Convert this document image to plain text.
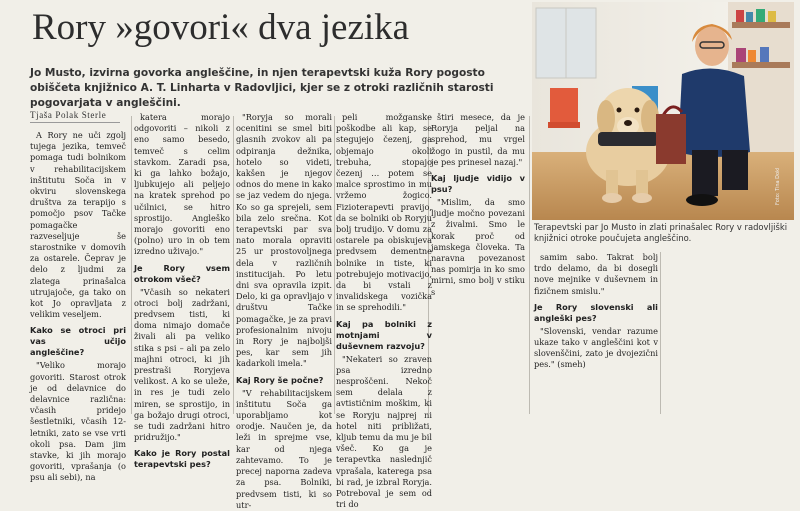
Rory »govori« dva jezika

Jo Musto, izvirna govorka angleščine, in njen terapevtski kuža Rory pogosto obiščeta knjižnico A. T. Linharta v Radovljici, kjer se z otroki različnih starosti pogovarjata v angleščini.

Tjaša Polak Sterle

A Rory ne uči zgolj tujega jezika, temveč pomaga tudi bolnikom v rehabilitacijskem inštitutu Soča in v okviru slovenskega društva za terapijo s pomočjo psov Tačke pomagačke razveseljuje še starostnike v domovih za ostarele. Čeprav je delo z ljudmi za zlatega prinašalca utrujajoče, ga tako on kot Jo opravljata z velikim veseljem.

Kako se otroci pri vas učijo angleščine?

"Veliko morajo govoriti. Starost otrok je od delavnice do delavnice različna: včasih pridejo šestletniki, včasih 12-letniki, zato se vse vrti okoli psa. Dam jim stavke, ki jih morajo govoriti, vprašanja (o psu ali sebi), na

katera morajo odgovoriti – nikoli z eno samo besedo, temveč s celim stavkom. Zaradi psa, ki ga lahko božajo, ljubkujejo ali peljejo na kratek sprehod po učilnici, se hitro sprostijo. Angleško morajo govoriti eno (polno) uro in ob tem izredno uživajo."

Je Rory vsem otrokom všeč?

"Včasih so nekateri otroci bolj zadržani, predvsem tisti, ki doma nimajo domače živali ali pa veliko stika s psi – ali pa zelo majhni otroci, ki jih prestraši Roryjeva velikost. A ko se uleže, in res je tudi zelo miren, se sprostijo, in ga božajo drugi otroci, se tudi zadržani hitro pridružijo."

Kako je Rory postal terapevtski pes?

"Roryja so morali ocenitini se smel biti glasnih zvokov ali pa odpiranja dežnika, hotelo so videti, kakšen je njegov odnos do mene in kako se jaz vedem do njega. Ko so ga sprejeli, sem bila zelo srečna. Kot terapevtski par sva nato morala opraviti 25 ur prostovoljnega dela v različnih institucijah. Po letu dni sva opravila izpit. Delo, ki ga opravljajo v društvu Tačke pomagačke, je za pravi profesionalnim nivoju in Rory je najboljši pes, kar sem jih kadarkoli imela."

Kaj Rory še počne?

"V rehabilitacijskem inštitutu Soča ga uporabljamo kot orodje. Naučen je, da leži in sprejme vse, kar od njega zahtevamo. To je precej naporna zadeva za psa. Bolniki, predvsem tisti, ki so utr-

peli možganske poškodbe ali kap, se stegujejo čezenj, ga objemajo okoli trebuha, stopajo čezenj … potem se malce sprostimo in mu vržemo žogico. Fizioterapevti pravijo, da se bolniki ob Roryju bolj trudijo. V domu za ostarele pa obiskujeva predvsem dementne bolnike in tiste, ki potrebujejo motivacijo, da bi vstali z invalidskega vozička in se sprehodili."

Kaj pa bolniki z motnjami v duševnem razvoju?

"Nekateri so zraven psa izredno nesproščeni. Nekoč sem delala z avtističnim moškim, ki se Roryju najprej ni hotel niti približati, kljub temu da mu je bil všeč. Ko ga je terapevtka naslednjič vprašala, katerega psa bi rad, je izbral Roryja. Potreboval je sem od tri do

štiri mesece, da je Roryja peljal na sprehod, mu vrgel žogo in pustil, da mu je pes prinesel nazaj."

Kaj ljudje vidijo v psu?

"Mislim, da smo ljudje močno povezani z živalmi. Smo le korak proč od jamskega človeka. Ta naravna povezanost nas pomirja in ko smo mirni, smo bolj v stiku s

samim sabo. Takrat bolj trdo delamo, da bi dosegli nove mejnike v duševnem in fizičnem smislu."

Je Rory slovenski ali angleški pes?

"Slovenski, vendar razume ukaze tako v angleščini kot v slovenščini, zato je dvojezični pes." (smeh)

Foto: Tina Dokl

Terapevtski par Jo Musto in zlati prinašalec Rory v radovljiški knjižnici otroke poučujeta angleščino.
